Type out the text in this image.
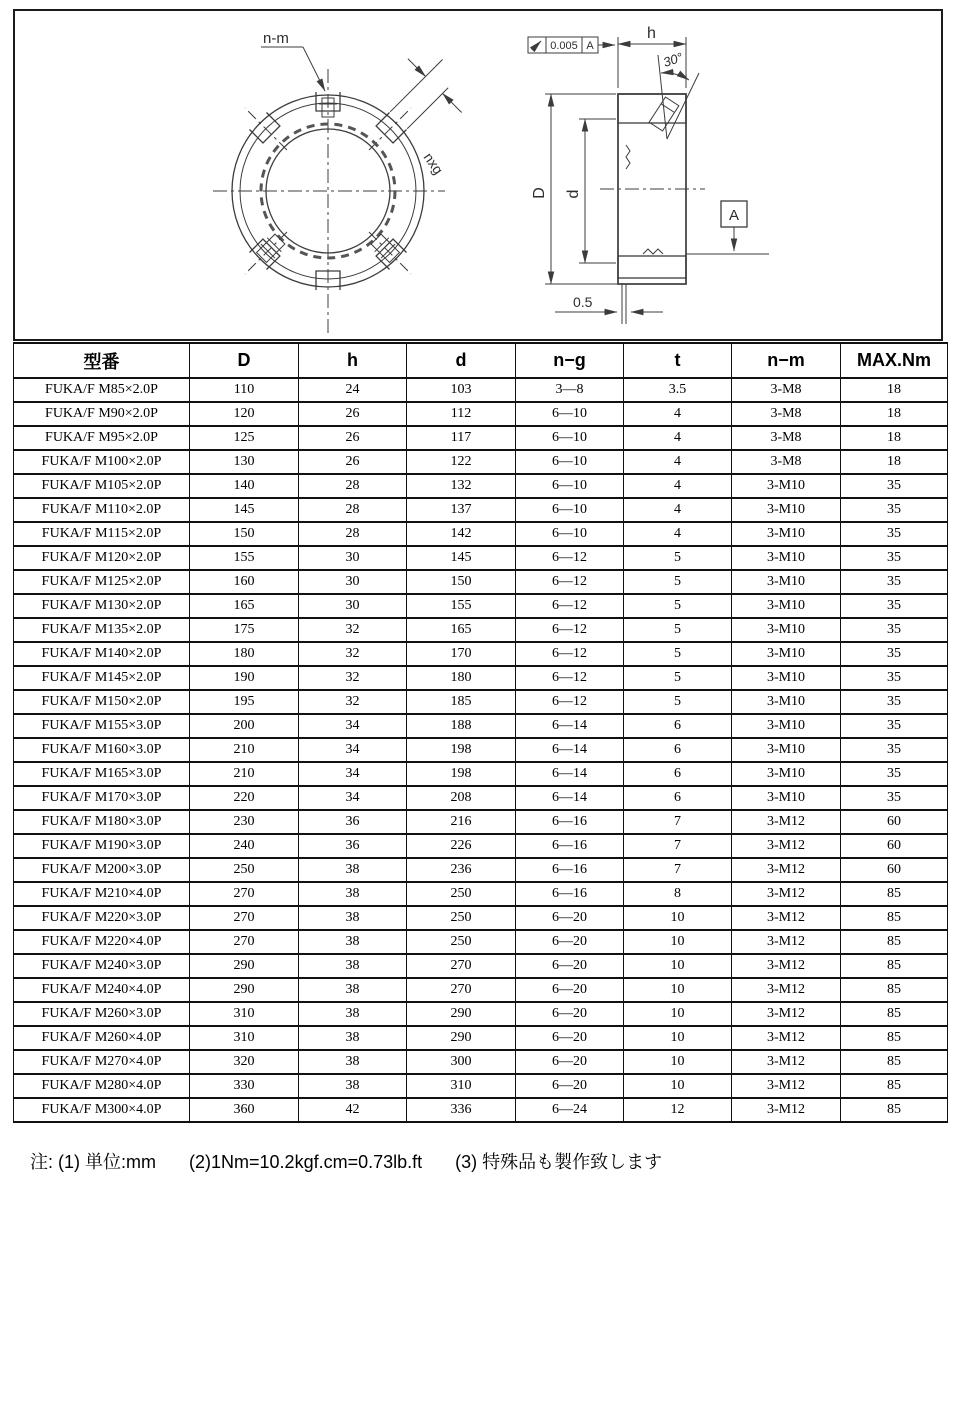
n-m
nxg
0.5
h
0.005 A
30°
D d
A
型番	D	h	d	n−g	t	n−m	MAX.Nm
FUKA/F M85×2.0P	110	24	103	3—8	3.5	3-M8	18
FUKA/F M90×2.0P	120	26	112	6—10	4	3-M8	18
FUKA/F M95×2.0P	125	26	117	6—10	4	3-M8	18
FUKA/F M100×2.0P	130	26	122	6—10	4	3-M8	18
FUKA/F M105×2.0P	140	28	132	6—10	4	3-M10	35
FUKA/F M110×2.0P	145	28	137	6—10	4	3-M10	35
FUKA/F M115×2.0P	150	28	142	6—10	4	3-M10	35
FUKA/F M120×2.0P	155	30	145	6—12	5	3-M10	35
FUKA/F M125×2.0P	160	30	150	6—12	5	3-M10	35
FUKA/F M130×2.0P	165	30	155	6—12	5	3-M10	35
FUKA/F M135×2.0P	175	32	165	6—12	5	3-M10	35
FUKA/F M140×2.0P	180	32	170	6—12	5	3-M10	35
FUKA/F M145×2.0P	190	32	180	6—12	5	3-M10	35
FUKA/F M150×2.0P	195	32	185	6—12	5	3-M10	35
FUKA/F M155×3.0P	200	34	188	6—14	6	3-M10	35
FUKA/F M160×3.0P	210	34	198	6—14	6	3-M10	35
FUKA/F M165×3.0P	210	34	198	6—14	6	3-M10	35
FUKA/F M170×3.0P	220	34	208	6—14	6	3-M10	35
FUKA/F M180×3.0P	230	36	216	6—16	7	3-M12	60
FUKA/F M190×3.0P	240	36	226	6—16	7	3-M12	60
FUKA/F M200×3.0P	250	38	236	6—16	7	3-M12	60
FUKA/F M210×4.0P	270	38	250	6—16	8	3-M12	85
FUKA/F M220×3.0P	270	38	250	6—20	10	3-M12	85
FUKA/F M220×4.0P	270	38	250	6—20	10	3-M12	85
FUKA/F M240×3.0P	290	38	270	6—20	10	3-M12	85
FUKA/F M240×4.0P	290	38	270	6—20	10	3-M12	85
FUKA/F M260×3.0P	310	38	290	6—20	10	3-M12	85
FUKA/F M260×4.0P	310	38	290	6—20	10	3-M12	85
FUKA/F M270×4.0P	320	38	300	6—20	10	3-M12	85
FUKA/F M280×4.0P	330	38	310	6—20	10	3-M12	85
FUKA/F M300×4.0P	360	42	336	6—24	12	3-M12	85
注: (1) 単位:mm (2)1Nm=10.2kgf.cm=0.73lb.ft (3) 特殊品も製作致します
